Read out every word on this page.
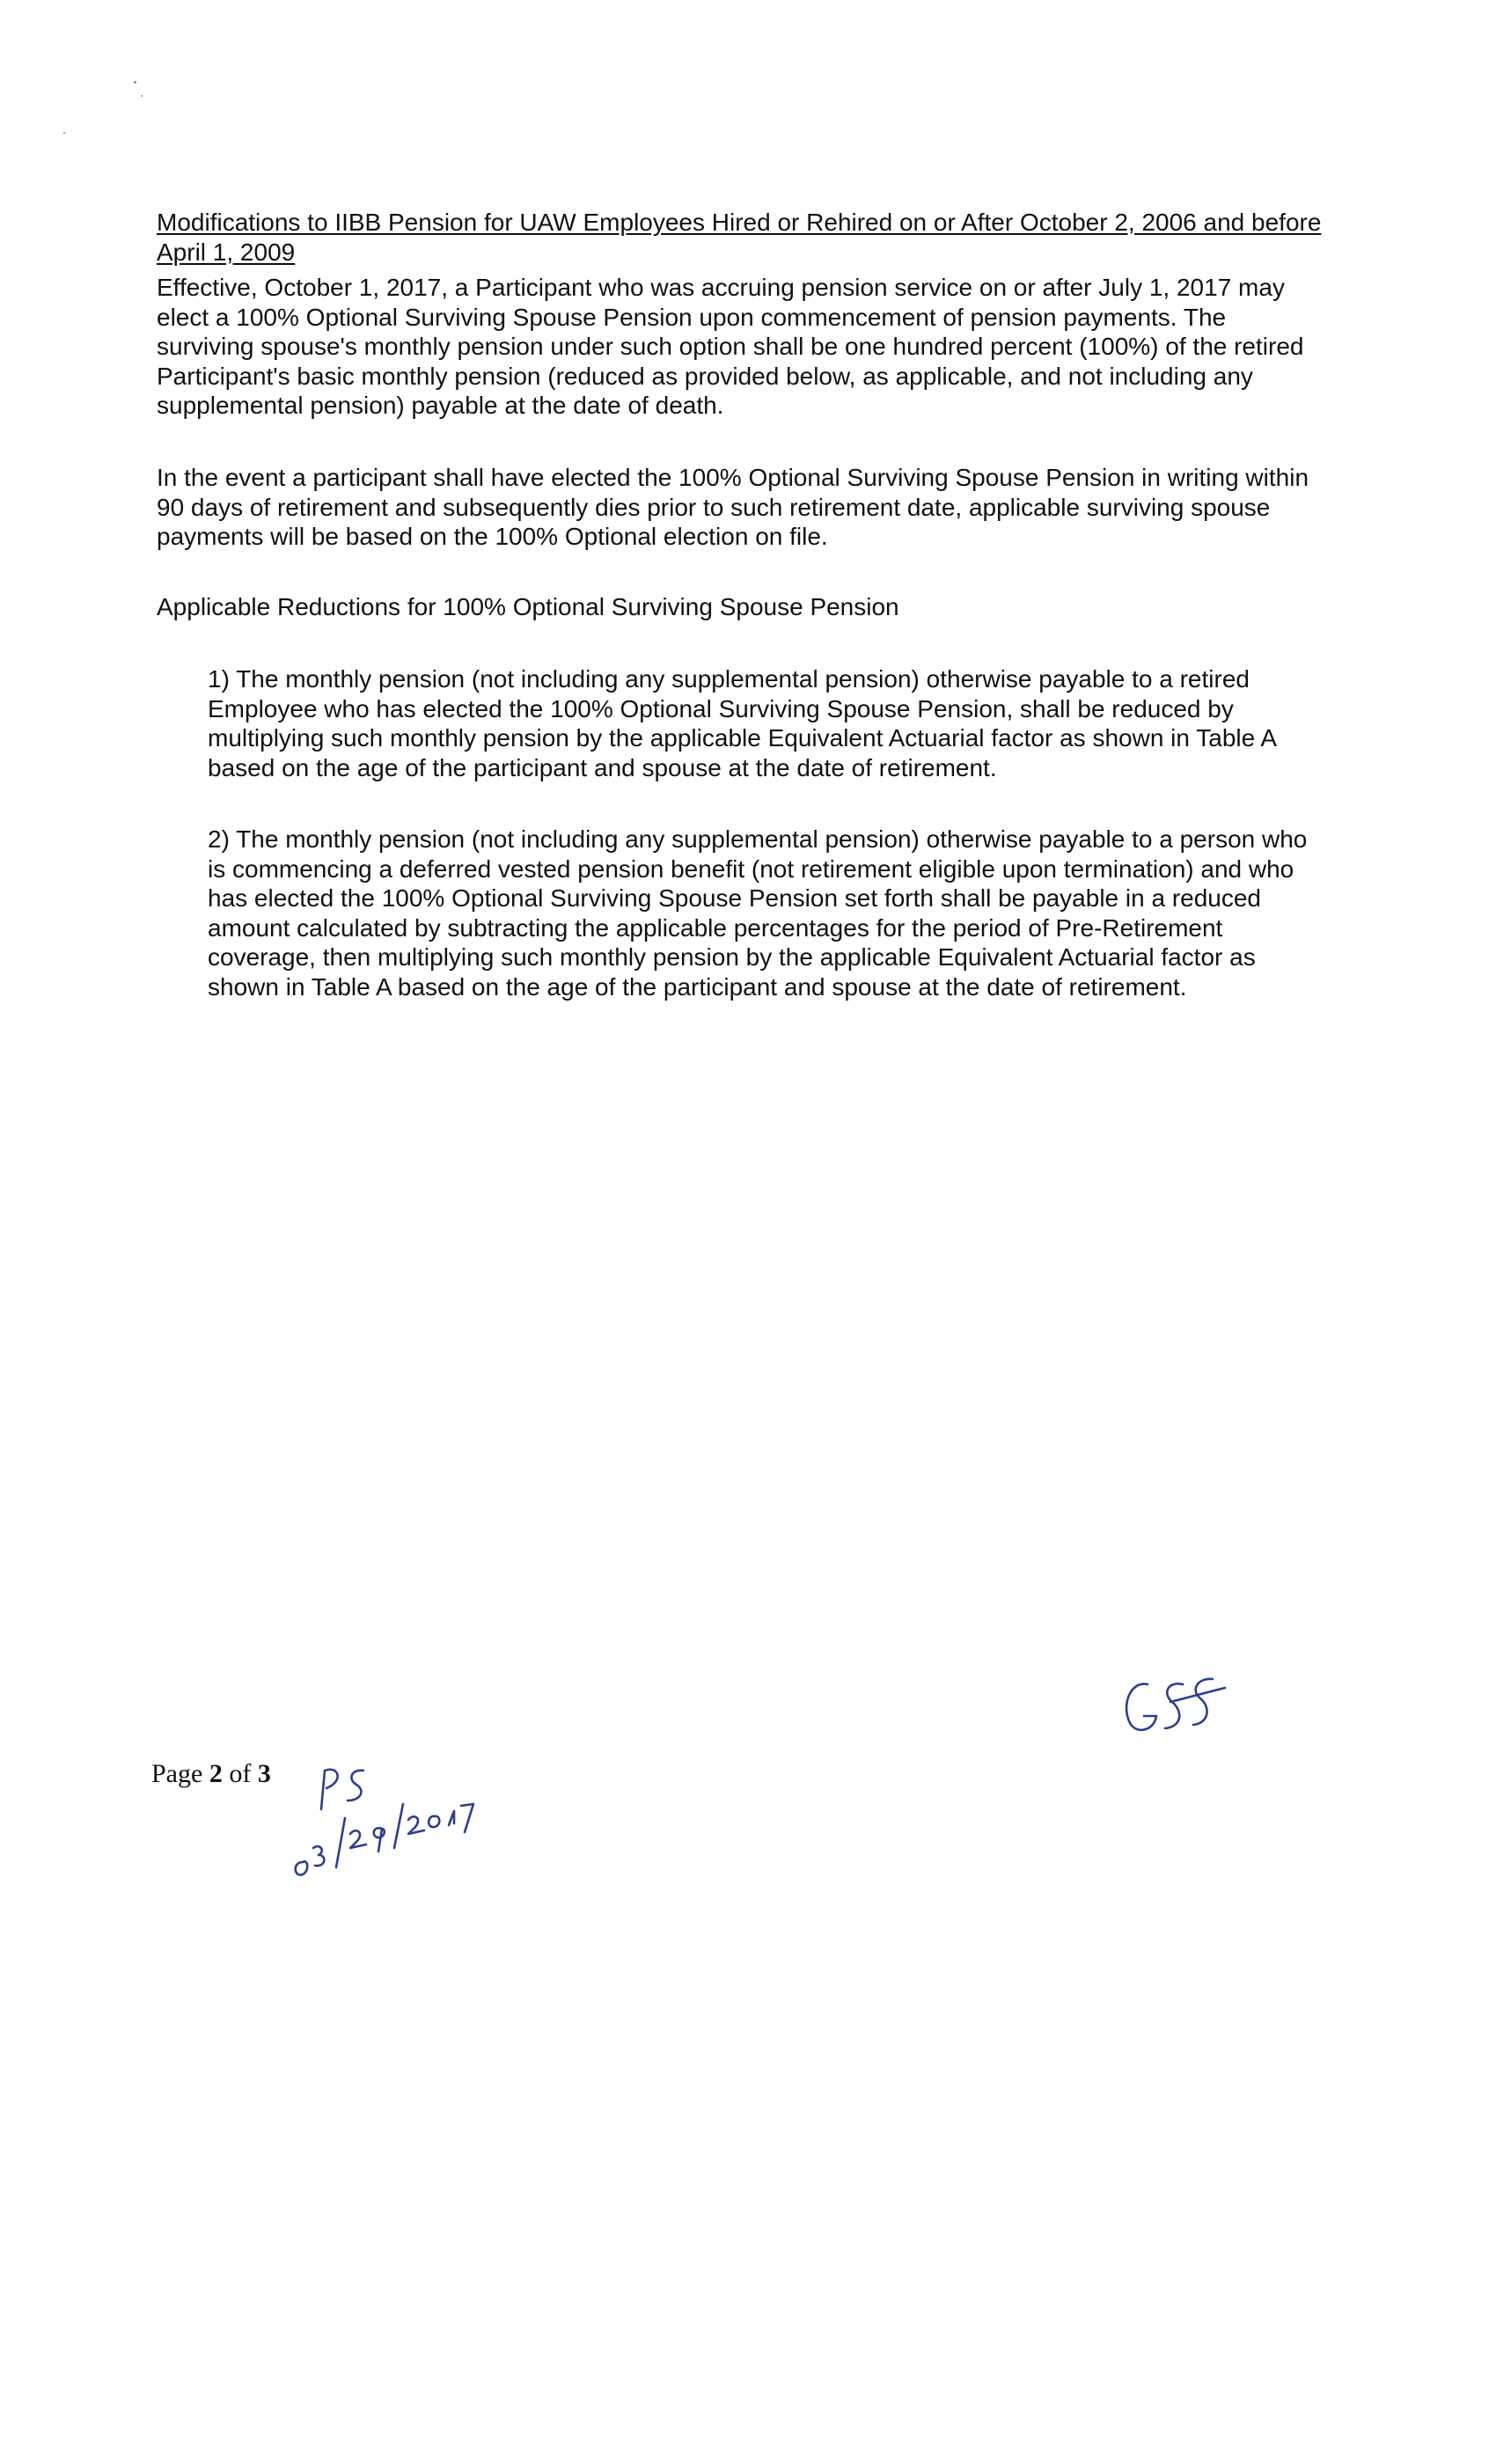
Modifications to IIBB Pension for UAW Employees Hired or Rehired on or After October 2, 2006 and before April 1, 2009

Effective, October 1, 2017, a Participant who was accruing pension service on or after July 1, 2017 may elect a 100% Optional Surviving Spouse Pension upon commencement of pension payments. The surviving spouse's monthly pension under such option shall be one hundred percent (100%) of the retired Participant's basic monthly pension (reduced as provided below, as applicable, and not including any supplemental pension) payable at the date of death.

In the event a participant shall have elected the 100% Optional Surviving Spouse Pension in writing within 90 days of retirement and subsequently dies prior to such retirement date, applicable surviving spouse payments will be based on the 100% Optional election on file.

Applicable Reductions for 100% Optional Surviving Spouse Pension

1) The monthly pension (not including any supplemental pension) otherwise payable to a retired Employee who has elected the 100% Optional Surviving Spouse Pension, shall be reduced by multiplying such monthly pension by the applicable Equivalent Actuarial factor as shown in Table A based on the age of the participant and spouse at the date of retirement.

2) The monthly pension (not including any supplemental pension) otherwise payable to a person who is commencing a deferred vested pension benefit (not retirement eligible upon termination) and who has elected the 100% Optional Surviving Spouse Pension set forth shall be payable in a reduced amount calculated by subtracting the applicable percentages for the period of Pre-Retirement coverage, then multiplying such monthly pension by the applicable Equivalent Actuarial factor as shown in Table A based on the age of the participant and spouse at the date of retirement.

Page 2 of 3
